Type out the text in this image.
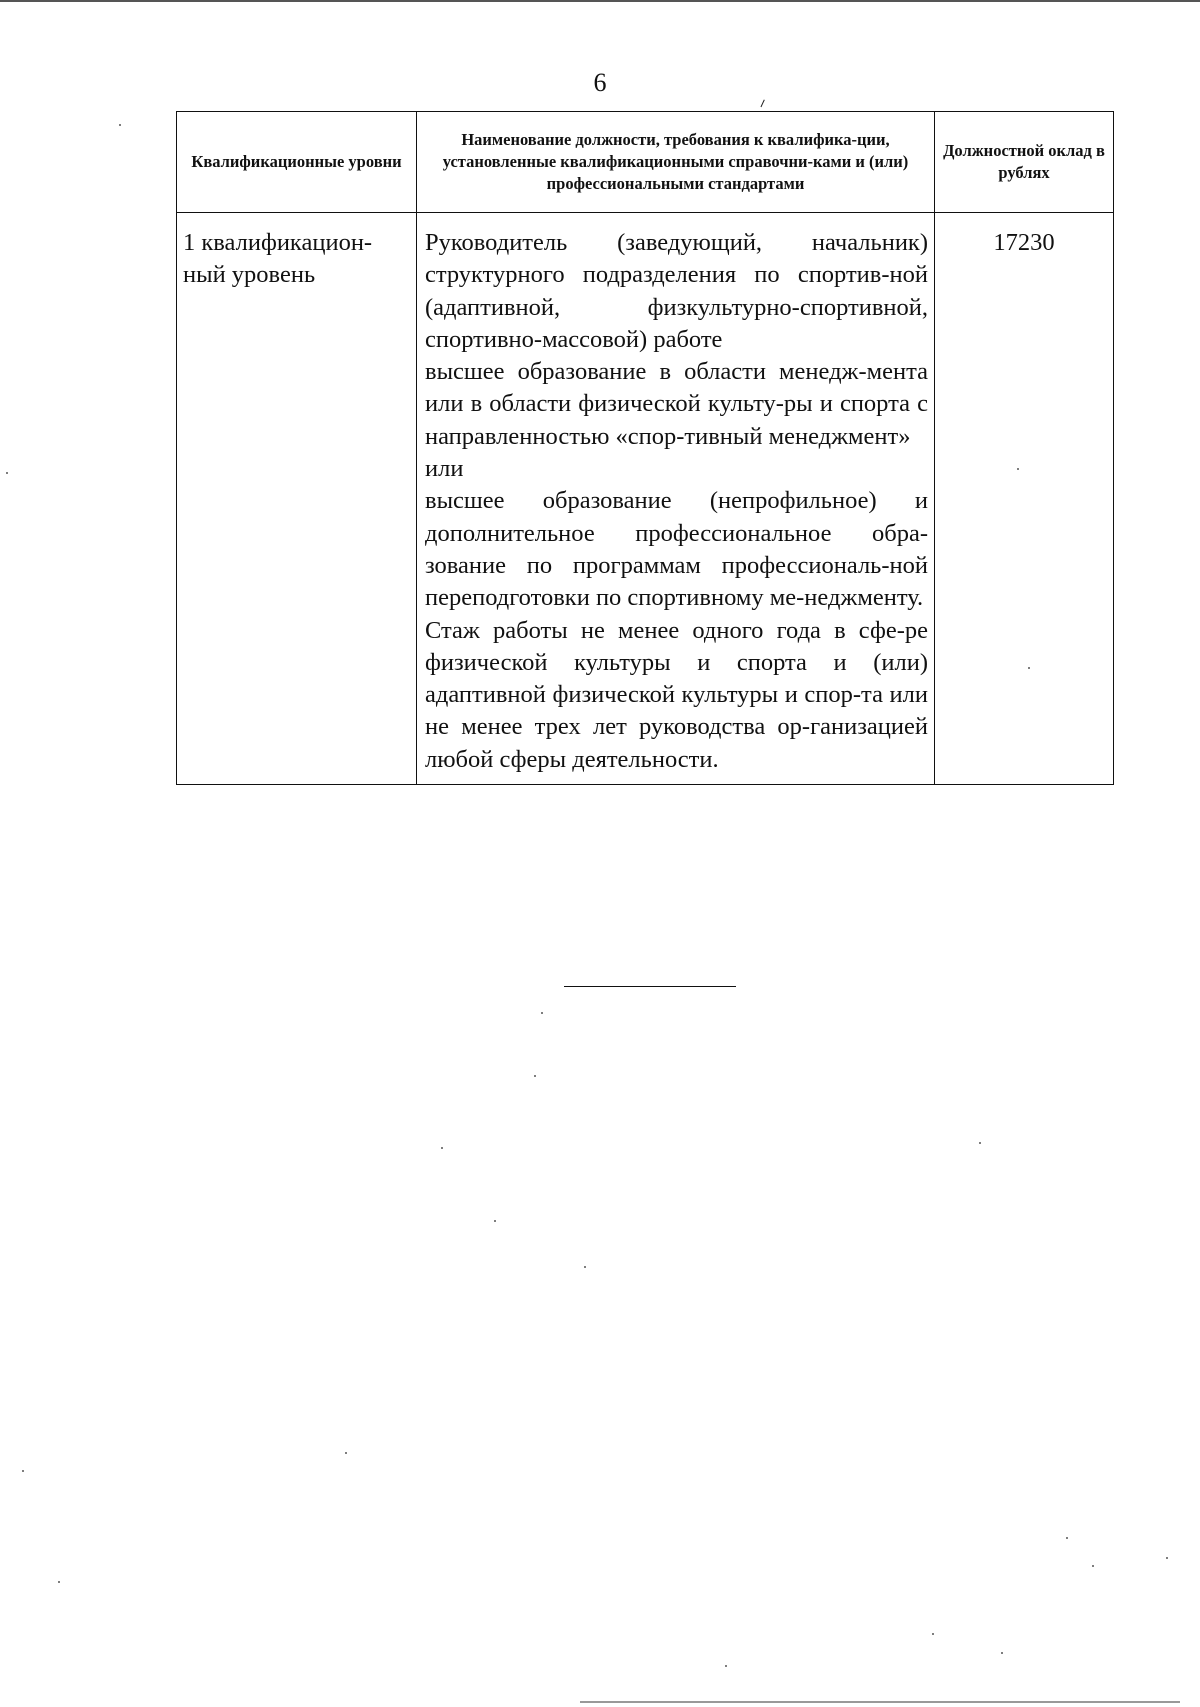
6
Квалификационные уровни	Наименование должности, требования к квалифика-ции, установленные квалификационными справочни-ками и (или) профессиональными стандартами	Должностной оклад в рублях
1 квалификацион-ный уровень	Руководитель (заведующий, начальник) структурного подразделения по спортив-ной (адаптивной, физкультурно-спортивной, спортивно-массовой) работе
высшее образование в области менедж-мента или в области физической культу-ры и спорта с направленностью «спор-тивный менеджмент»
или
высшее образование (непрофильное) и дополнительное профессиональное обра-зование по программам профессиональ-ной переподготовки по спортивному ме-неджменту.
Стаж работы не менее одного года в сфе-ре физической культуры и спорта и (или) адаптивной физической культуры и спор-та или не менее трех лет руководства ор-ганизацией любой сферы деятельности.	17230
